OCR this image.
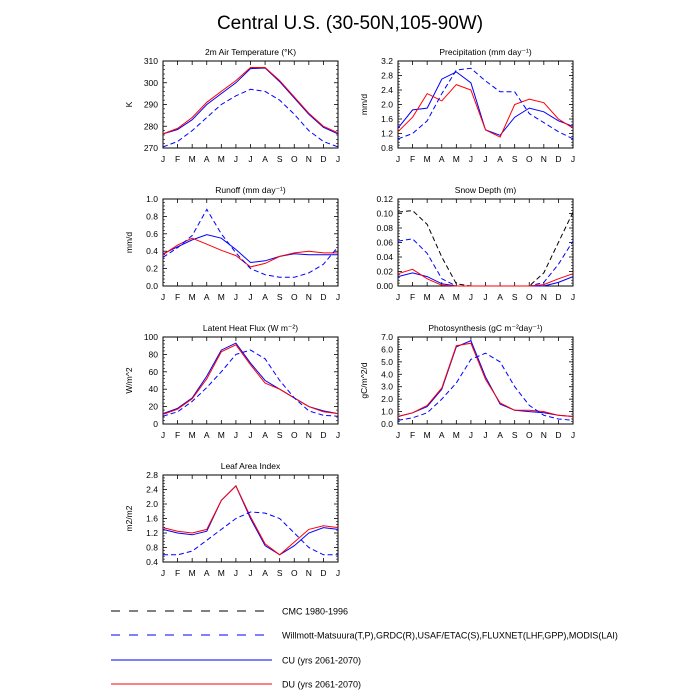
Central U.S. (30-50N,105-90W)
2m Air Temperature (°K)
K
270
280
290
300
310
J F M A M J J A S O N D J
Precipitation (mm day⁻¹)
mm/d
0.8
1.2
1.6
2.0
2.4
2.8
3.2
J F M A M J J A S O N D J
Runoff (mm day⁻¹)
mm/d
0.0
0.2
0.4
0.6
0.8
1.0
J F M A M J J A S O N D J
Snow Depth (m)
0.00
0.02
0.04
0.06
0.08
0.10
0.12
J F M A M J J A S O N D J
Latent Heat Flux (W m⁻²)
W/m^2
0
20
40
60
80
100
J F M A M J J A S O N D J
Photosynthesis (gC m⁻²day⁻¹)
gC/m^2/d
0.0
1.0
2.0
3.0
4.0
5.0
6.0
7.0
J F M A M J J A S O N D J
Leaf Area Index
m2/m2
0.4
0.8
1.2
1.6
2.0
2.4
2.8
J F M A M J J A S O N D J
CMC 1980-1996
Willmott-Matsuura(T,P),GRDC(R),USAF/ETAC(S),FLUXNET(LHF,GPP),MODIS(LAI)
CU (yrs 2061-2070)
DU (yrs 2061-2070)
